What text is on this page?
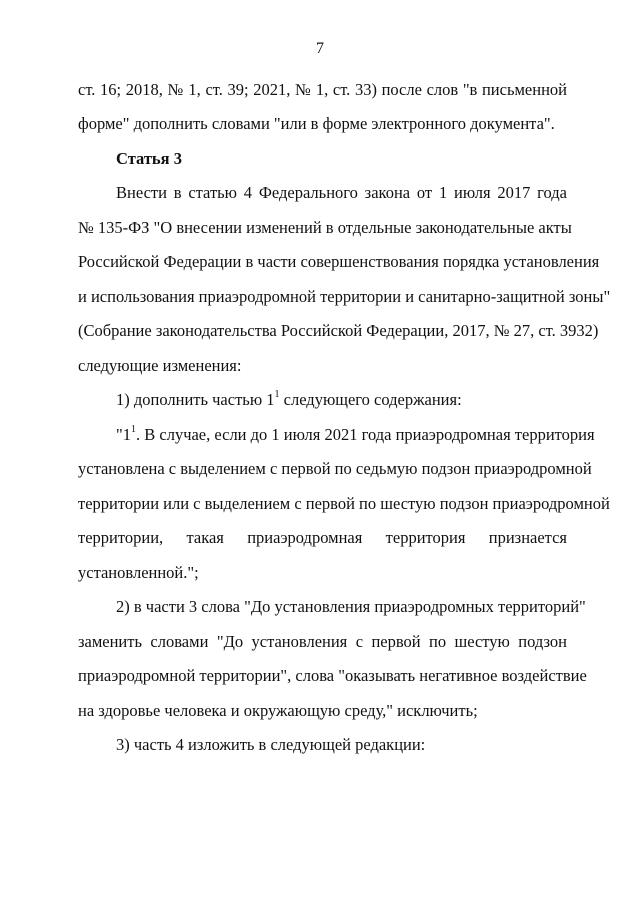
7
ст. 16; 2018, № 1, ст. 39; 2021, № 1, ст. 33) после слов "в письменной
форме" дополнить словами "или в форме электронного документа".
Статья 3
Внести в статью 4 Федерального закона от 1 июля 2017 года
№ 135-ФЗ "О внесении изменений в отдельные законодательные акты
Российской Федерации в части совершенствования порядка установления
и использования приаэродромной территории и санитарно-защитной зоны"
(Собрание законодательства Российской Федерации, 2017, № 27, ст. 3932)
следующие изменения:
1) дополнить частью $1^1$ следующего содержания:
"$1^1$. В случае, если до 1 июля 2021 года приаэродромная территория
установлена с выделением с первой по седьмую подзон приаэродромной
территории или с выделением с первой по шестую подзон приаэродромной
территории, такая приаэродромная территория признается
установленной.";
2) в части 3 слова "До установления приаэродромных территорий"
заменить словами "До установления с первой по шестую подзон
приаэродромной территории", слова "оказывать негативное воздействие
на здоровье человека и окружающую среду," исключить;
3) часть 4 изложить в следующей редакции:
